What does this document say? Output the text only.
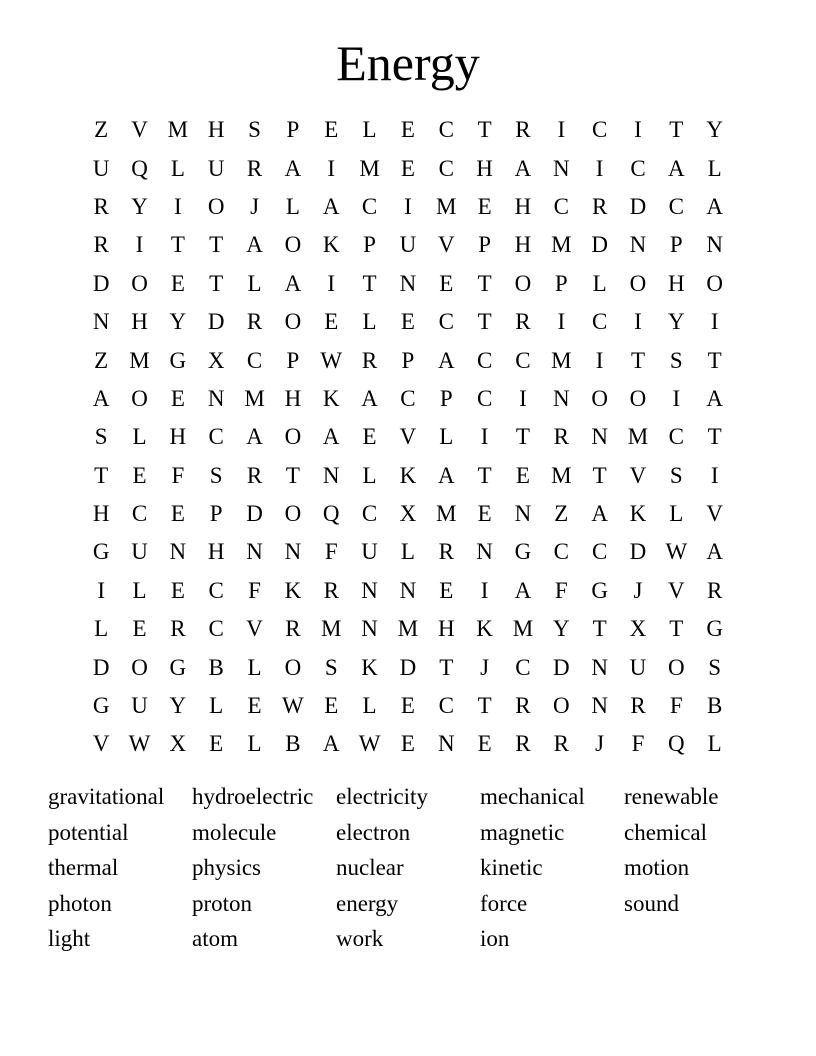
Energy
Z	V M H	S	P	E	L	E	C	T	R	I	C	I	T	Y
U Q	L	U R A	I	M E	C H A N	I	C A	L
R Y	I	O	J	L	A C	I	M E	H C	R D C A
R	I	T	T	A O K	P	U V	P	H M D N	P	N
D O	E	T	L	A	I	T	N	E	T	O	P	L	O H O
N H Y D R O	E	L	E	C	T	R	I	C	I	Y	I
Z M G X C	P W R	P	A C	C M	I	T	S	T
A O	E	N M H K A C	P	C	I	N O O	I	A
S	L	H C A O A	E	V	L	I	T	R N M C	T
T	E	F	S	R	T	N	L	K A	T	E M T	V	S	I
H C	E	P	D O Q C X M E	N	Z	A K	L	V
G U N H N N	F	U	L	R N G C	C D W A
I	L	E	C	F	K R N N	E	I	A	F	G	J	V R
L	E	R	C V R M N M H K M Y	T	X	T	G
D O G B	L	O	S	K D	T	J	C D N U O	S
G U Y	L	E W E	L	E	C	T	R O N R	F	B
V W X	E	L	B A W E	N	E	R	R	J	F	Q	L
gravitational	hydroelectric electricity	mechanical	renewable
potential	molecule	electron	magnetic	chemical
thermal	physics	nuclear	kinetic	motion
photon	proton	energy	force	sound
light	atom	work	ion
